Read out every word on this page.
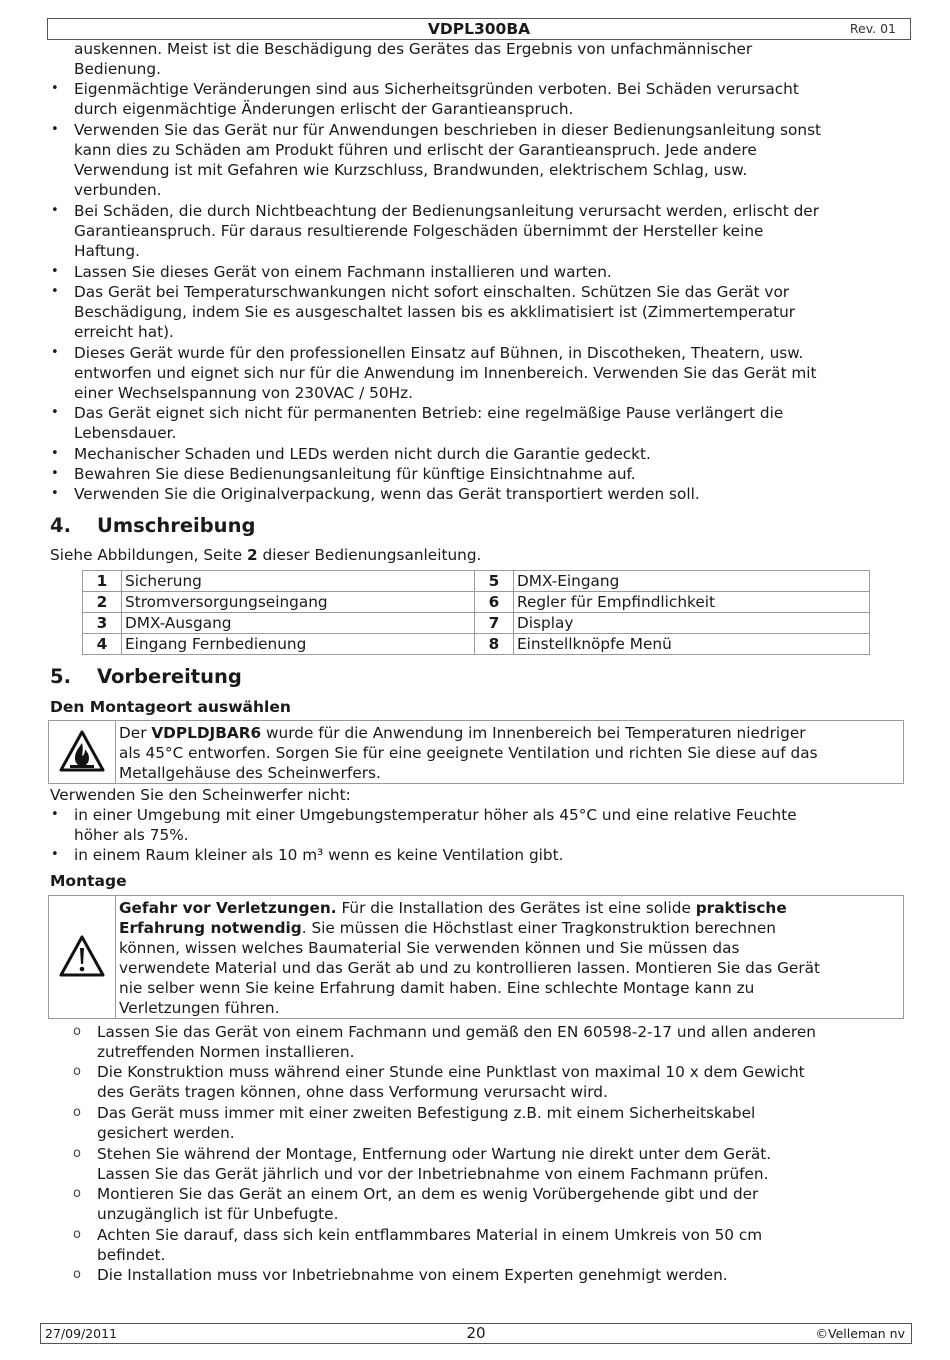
VDPL300BA	Rev. 01
auskennen. Meist ist die Beschädigung des Gerätes das Ergebnis von unfachmännischer
Bedienung.
• Eigenmächtige Veränderungen sind aus Sicherheitsgründen verboten. Bei Schäden verursacht
durch eigenmächtige Änderungen erlischt der Garantieanspruch.
• Verwenden Sie das Gerät nur für Anwendungen beschrieben in dieser Bedienungsanleitung sonst
kann dies zu Schäden am Produkt führen und erlischt der Garantieanspruch. Jede andere
Verwendung ist mit Gefahren wie Kurzschluss, Brandwunden, elektrischem Schlag, usw.
verbunden.
• Bei Schäden, die durch Nichtbeachtung der Bedienungsanleitung verursacht werden, erlischt der
Garantieanspruch. Für daraus resultierende Folgeschäden übernimmt der Hersteller keine
Haftung.
• Lassen Sie dieses Gerät von einem Fachmann installieren und warten.
• Das Gerät bei Temperaturschwankungen nicht sofort einschalten. Schützen Sie das Gerät vor
Beschädigung, indem Sie es ausgeschaltet lassen bis es akklimatisiert ist (Zimmertemperatur
erreicht hat).
• Dieses Gerät wurde für den professionellen Einsatz auf Bühnen, in Discotheken, Theatern, usw.
entworfen und eignet sich nur für die Anwendung im Innenbereich. Verwenden Sie das Gerät mit
einer Wechselspannung von 230VAC / 50Hz.
• Das Gerät eignet sich nicht für permanenten Betrieb: eine regelmäßige Pause verlängert die
Lebensdauer.
• Mechanischer Schaden und LEDs werden nicht durch die Garantie gedeckt.
• Bewahren Sie diese Bedienungsanleitung für künftige Einsichtnahme auf.
• Verwenden Sie die Originalverpackung, wenn das Gerät transportiert werden soll.
4. Umschreibung
Siehe Abbildungen, Seite 2 dieser Bedienungsanleitung.
1	Sicherung	5	DMX-Eingang
2	Stromversorgungseingang	6	Regler für Empfindlichkeit
3	DMX-Ausgang	7	Display
4	Eingang Fernbedienung	8	Einstellknöpfe Menü
5. Vorbereitung
Den Montageort auswählen
Der VDPLDJBAR6 wurde für die Anwendung im Innenbereich bei Temperaturen niedriger
als 45°C entworfen. Sorgen Sie für eine geeignete Ventilation und richten Sie diese auf das
Metallgehäuse des Scheinwerfers.
Verwenden Sie den Scheinwerfer nicht:
• in einer Umgebung mit einer Umgebungstemperatur höher als 45°C und eine relative Feuchte
höher als 75%.
• in einem Raum kleiner als 10 m³ wenn es keine Ventilation gibt.
Montage
Gefahr vor Verletzungen. Für die Installation des Gerätes ist eine solide praktische
Erfahrung notwendig. Sie müssen die Höchstlast einer Tragkonstruktion berechnen
können, wissen welches Baumaterial Sie verwenden können und Sie müssen das
verwendete Material und das Gerät ab und zu kontrollieren lassen. Montieren Sie das Gerät
nie selber wenn Sie keine Erfahrung damit haben. Eine schlechte Montage kann zu
Verletzungen führen.
o Lassen Sie das Gerät von einem Fachmann und gemäß den EN 60598-2-17 und allen anderen
zutreffenden Normen installieren.
o Die Konstruktion muss während einer Stunde eine Punktlast von maximal 10 x dem Gewicht
des Geräts tragen können, ohne dass Verformung verursacht wird.
o Das Gerät muss immer mit einer zweiten Befestigung z.B. mit einem Sicherheitskabel
gesichert werden.
o Stehen Sie während der Montage, Entfernung oder Wartung nie direkt unter dem Gerät.
Lassen Sie das Gerät jährlich und vor der Inbetriebnahme von einem Fachmann prüfen.
o Montieren Sie das Gerät an einem Ort, an dem es wenig Vorübergehende gibt und der
unzugänglich ist für Unbefugte.
o Achten Sie darauf, dass sich kein entflammbares Material in einem Umkreis von 50 cm
befindet.
o Die Installation muss vor Inbetriebnahme von einem Experten genehmigt werden.
27/09/2011	20	©Velleman nv
